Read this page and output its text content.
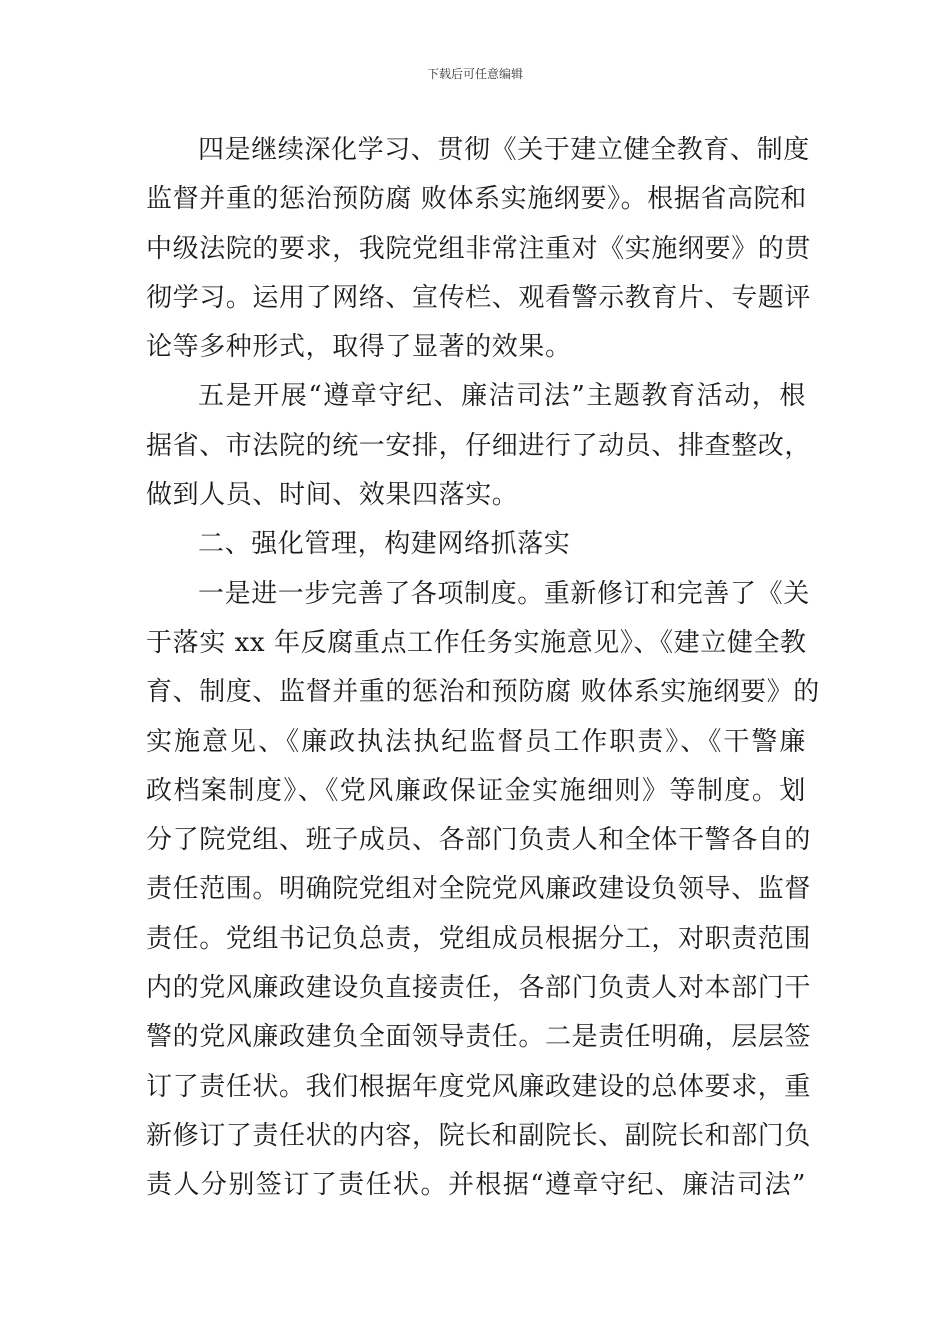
下载后可任意编辑
四是继续深化学习、贯彻《关于建立健全教育、制度
监督并重的惩治预防腐 败体系实施纲要》。根据省高院和
中级法院的要求，我院党组非常注重对《实施纲要》的贯
彻学习。运用了网络、宣传栏、观看警示教育片、专题评
论等多种形式，取得了显著的效果。
五是开展“遵章守纪、廉洁司法”主题教育活动，根
据省、市法院的统一安排，仔细进行了动员、排查整改，
做到人员、时间、效果四落实。
二、强化管理，构建网络抓落实
一是进一步完善了各项制度。重新修订和完善了《关
于落实 xx 年反腐重点工作任务实施意见》、《建立健全教
育、制度、监督并重的惩治和预防腐 败体系实施纲要》的
实施意见、《廉政执法执纪监督员工作职责》、《干警廉
政档案制度》、《党风廉政保证金实施细则》等制度。划
分了院党组、班子成员、各部门负责人和全体干警各自的
责任范围。明确院党组对全院党风廉政建设负领导、监督
责任。党组书记负总责，党组成员根据分工，对职责范围
内的党风廉政建设负直接责任，各部门负责人对本部门干
警的党风廉政建负全面领导责任。二是责任明确，层层签
订了责任状。我们根据年度党风廉政建设的总体要求，重
新修订了责任状的内容，院长和副院长、副院长和部门负
责人分别签订了责任状。并根据“遵章守纪、廉洁司法”
